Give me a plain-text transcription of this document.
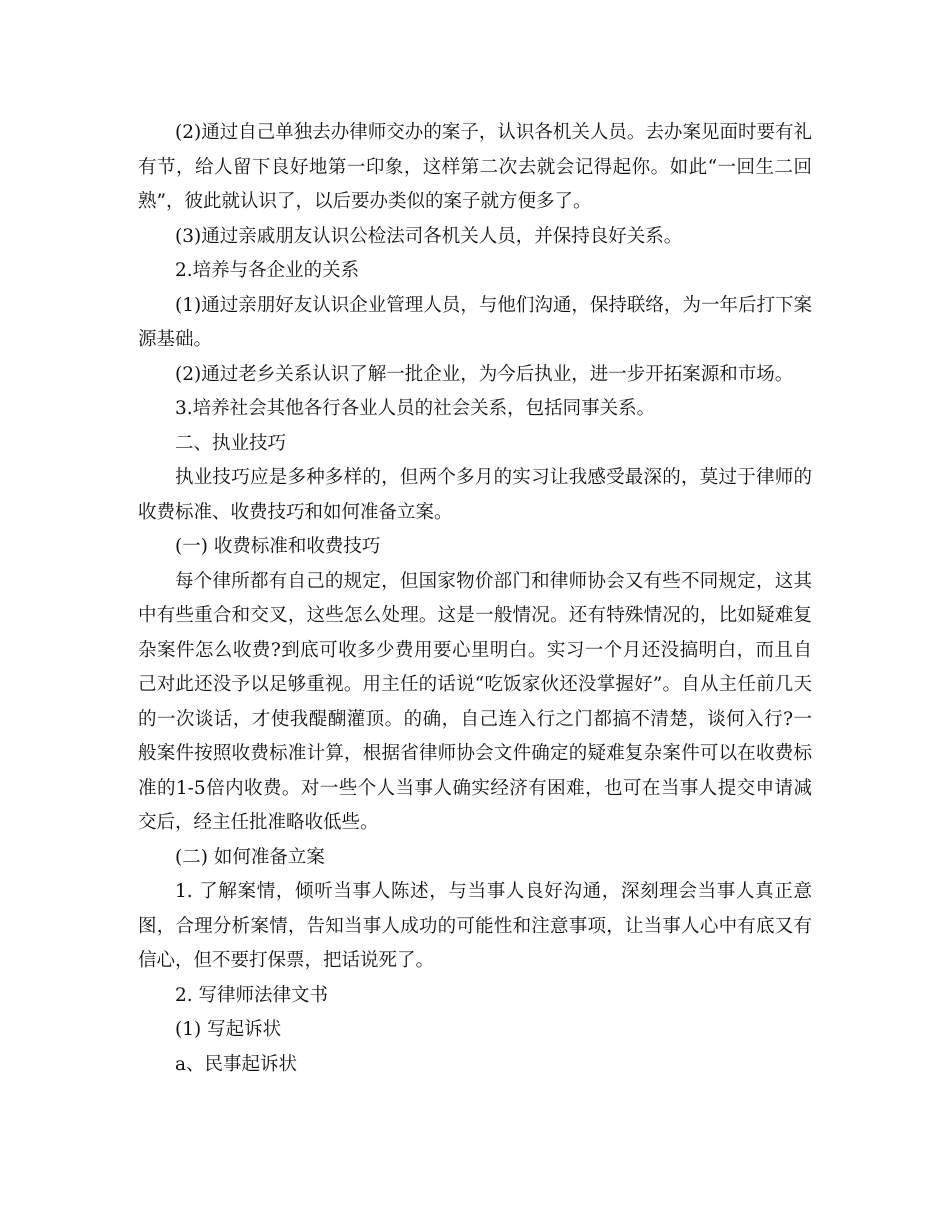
(2)通过自己单独去办律师交办的案子，认识各机关人员。去办案见面时要有礼有节，给人留下良好地第一印象，这样第二次去就会记得起你。如此“一回生二回熟”，彼此就认识了，以后要办类似的案子就方便多了。

(3)通过亲戚朋友认识公检法司各机关人员，并保持良好关系。

2.培养与各企业的关系

(1)通过亲朋好友认识企业管理人员，与他们沟通，保持联络，为一年后打下案源基础。

(2)通过老乡关系认识了解一批企业，为今后执业，进一步开拓案源和市场。

3.培养社会其他各行各业人员的社会关系，包括同事关系。

二、执业技巧

执业技巧应是多种多样的，但两个多月的实习让我感受最深的，莫过于律师的收费标准、收费技巧和如何准备立案。

(一) 收费标准和收费技巧

每个律所都有自己的规定，但国家物价部门和律师协会又有些不同规定，这其中有些重合和交叉，这些怎么处理。这是一般情况。还有特殊情况的，比如疑难复杂案件怎么收费?到底可收多少费用要心里明白。实习一个月还没搞明白，而且自己对此还没予以足够重视。用主任的话说“吃饭家伙还没掌握好”。自从主任前几天的一次谈话，才使我醍醐灌顶。的确，自己连入行之门都搞不清楚，谈何入行?一般案件按照收费标准计算，根据省律师协会文件确定的疑难复杂案件可以在收费标准的1-5倍内收费。对一些个人当事人确实经济有困难，也可在当事人提交申请减交后，经主任批准略收低些。

(二) 如何准备立案

1. 了解案情，倾听当事人陈述，与当事人良好沟通，深刻理会当事人真正意图，合理分析案情，告知当事人成功的可能性和注意事项，让当事人心中有底又有信心，但不要打保票，把话说死了。

2. 写律师法律文书

(1) 写起诉状

a、民事起诉状
